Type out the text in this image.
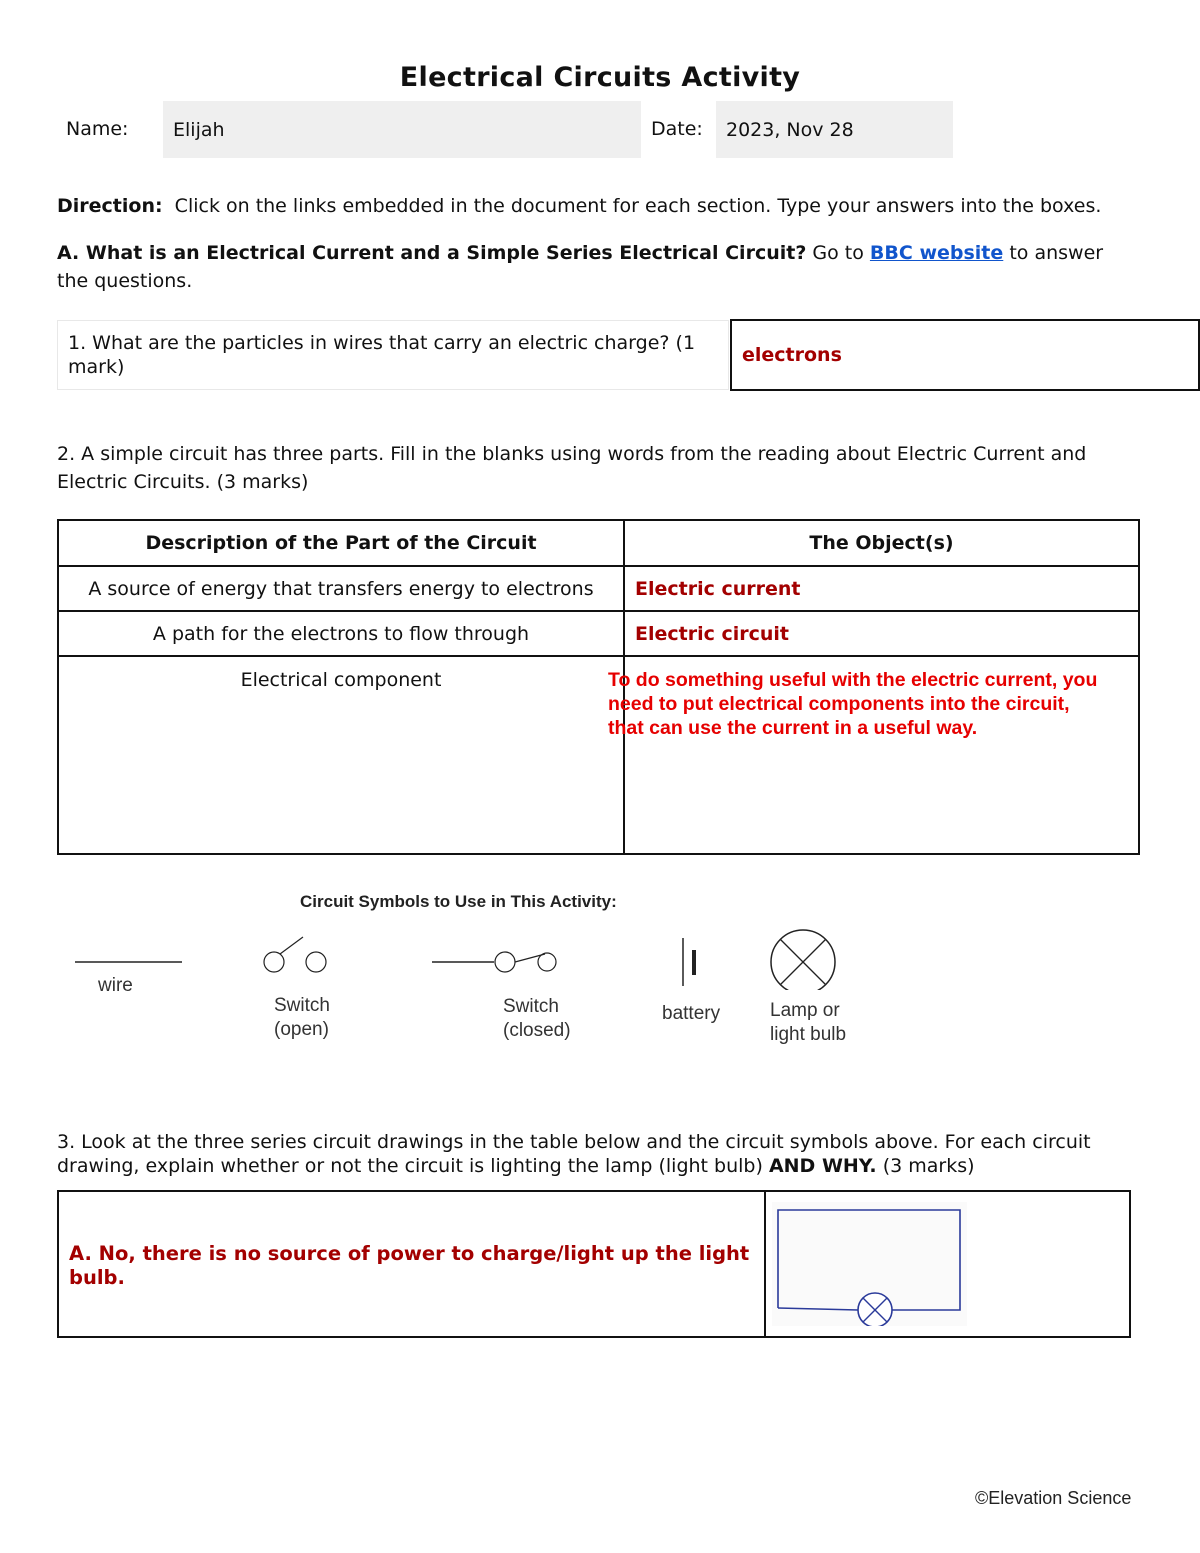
Electrical Circuits Activity
Name:	Elijah	Date:	2023, Nov 28
Direction: Click on the links embedded in the document for each section. Type your answers into the boxes.
A. What is an Electrical Current and a Simple Series Electrical Circuit? Go to BBC website to answer
the questions.
1. What are the particles in wires that carry an electric charge? (1
mark)
electrons
2. A simple circuit has three parts. Fill in the blanks using words from the reading about Electric Current and
Electric Circuits. (3 marks)
Description of the Part of the Circuit	The Object(s)
A source of energy that transfers energy to electrons	Electric current
A path for the electrons to flow through	Electric circuit
Electrical component		To do something useful with the electric current, you
need to put electrical components into the circuit,
that can use the current in a useful way.
Circuit Symbols to Use in This Activity:
wire
Switch
(open)
Switch
(closed)
battery	Lamp or
light bulb
3. Look at the three series circuit drawings in the table below and the circuit symbols above. For each circuit
drawing, explain whether or not the circuit is lighting the lamp (light bulb) AND WHY. (3 marks)
A. No, there is no source of power to charge/light up the light
bulb.
©Elevation Science
